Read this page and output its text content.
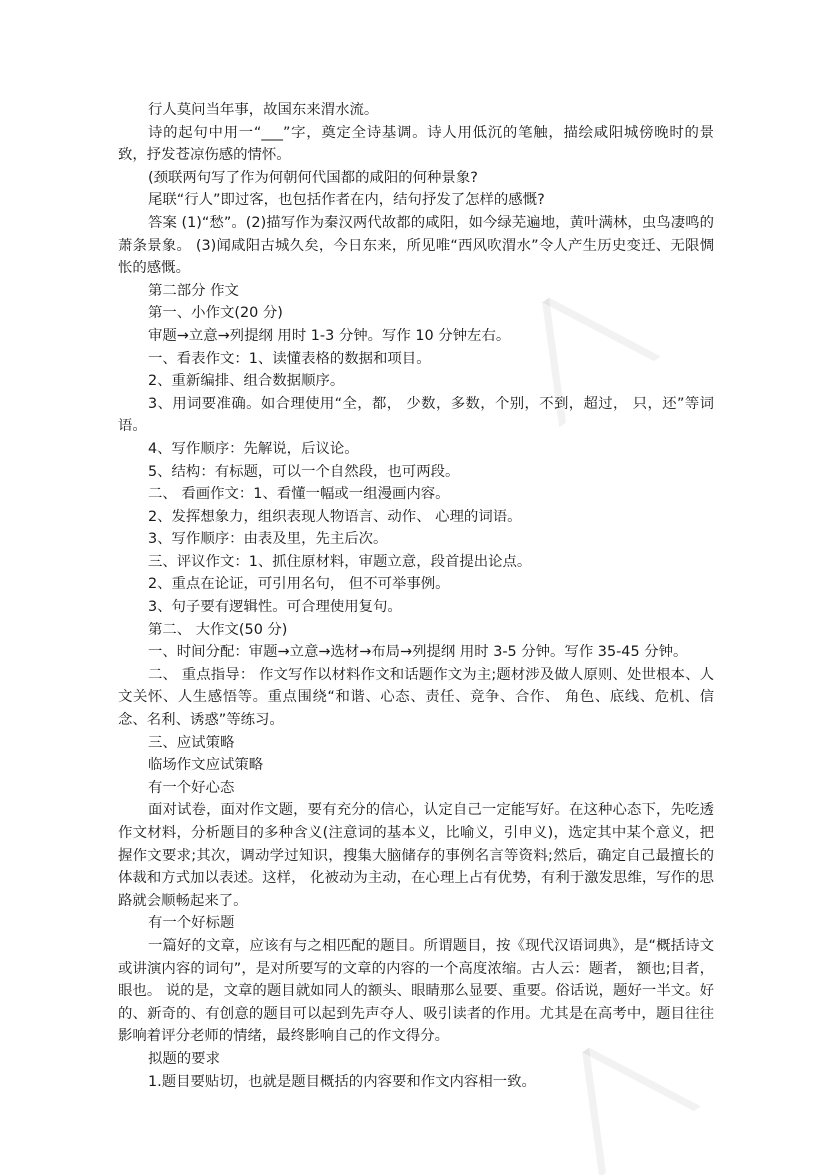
╱╲
╱╲

行人莫问当年事，故国东来渭水流。

诗的起句中用一“___”字，奠定全诗基调。诗人用低沉的笔触，描绘咸阳城傍晚时的景致，抒发苍凉伤感的情怀。

(颈联两句写了作为何朝何代国都的咸阳的何种景象?

尾联“行人”即过客，也包括作者在内，结句抒发了怎样的感慨?

答案 (1)“愁”。(2)描写作为秦汉两代故都的咸阳，如今绿芜遍地，黄叶满林，虫鸟凄鸣的萧条景象。 (3)闻咸阳古城久矣，今日东来，所见唯“西风吹渭水”令人产生历史变迁、无限惆怅的感慨。

第二部分 作文

第一、小作文(20 分)

审题→立意→列提纲 用时 1-3 分钟。写作 10 分钟左右。

一、看表作文：1、读懂表格的数据和项目。

2、重新编排、组合数据顺序。

3、用词要准确。如合理使用“全，都， 少数，多数，个别，不到，超过， 只，还”等词语。

4、写作顺序：先解说，后议论。

5、结构：有标题，可以一个自然段，也可两段。

二、 看画作文：1、看懂一幅或一组漫画内容。

2、发挥想象力，组织表现人物语言、动作、 心理的词语。

3、写作顺序：由表及里，先主后次。

三、评议作文：1、抓住原材料，审题立意，段首提出论点。

2、重点在论证，可引用名句， 但不可举事例。

3、句子要有逻辑性。可合理使用复句。

第二、 大作文(50 分)

一、时间分配：审题→立意→选材→布局→列提纲 用时 3-5 分钟。写作 35-45 分钟。

二、 重点指导： 作文写作以材料作文和话题作文为主;题材涉及做人原则、处世根本、人文关怀、人生感悟等。重点围绕“和谐、心态、责任、竞争、合作、 角色、底线、危机、信念、名利、诱惑”等练习。

三、应试策略

临场作文应试策略

有一个好心态

面对试卷，面对作文题，要有充分的信心，认定自己一定能写好。在这种心态下，先吃透作文材料，分析题目的多种含义(注意词的基本义，比喻义，引申义)，选定其中某个意义，把握作文要求;其次，调动学过知识，搜集大脑储存的事例名言等资料;然后，确定自己最擅长的体裁和方式加以表述。这样， 化被动为主动，在心理上占有优势，有利于激发思维，写作的思路就会顺畅起来了。

有一个好标题

一篇好的文章，应该有与之相匹配的题目。所谓题目，按《现代汉语词典》，是“概括诗文或讲演内容的词句”，是对所要写的文章的内容的一个高度浓缩。古人云：题者， 额也;目者， 眼也。 说的是，文章的题目就如同人的额头、眼睛那么显要、重要。俗话说，题好一半文。好的、新奇的、有创意的题目可以起到先声夺人、吸引读者的作用。尤其是在高考中，题目往往影响着评分老师的情绪，最终影响自己的作文得分。

拟题的要求

1.题目要贴切，也就是题目概括的内容要和作文内容相一致。
